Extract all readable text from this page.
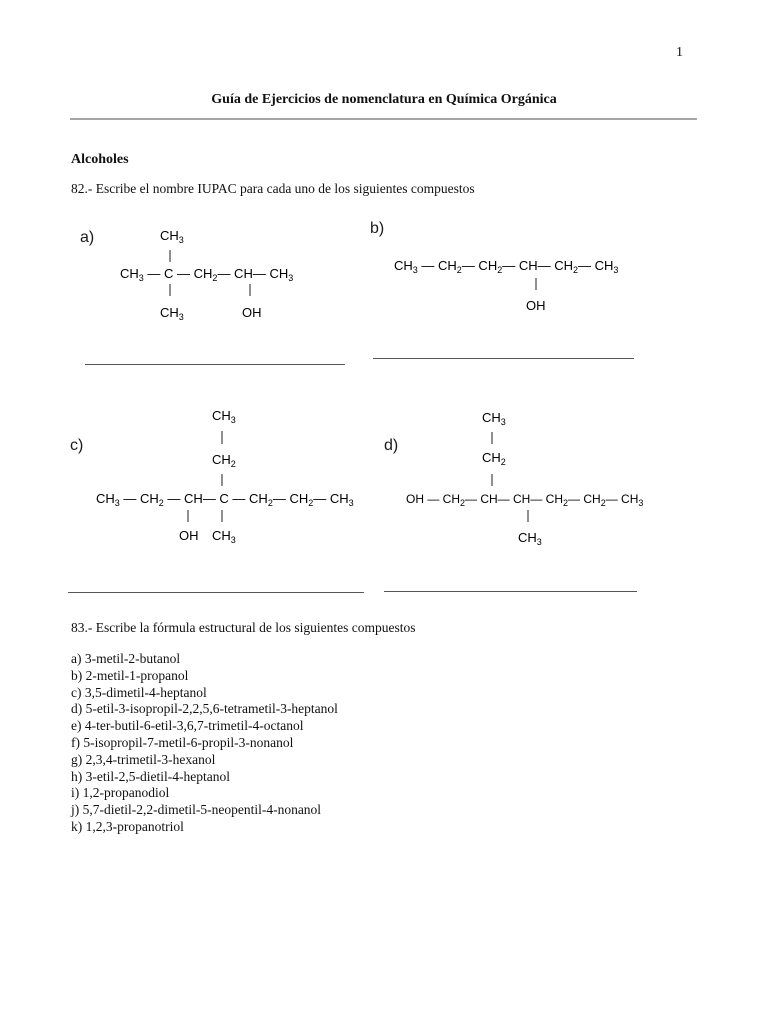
1
Guía de Ejercicios de nomenclatura en Química Orgánica
Alcoholes
82.- Escribe el nombre IUPAC para cada uno de los siguientes compuestos
a)	$CH_3$
$CH_3$ — C — $CH_2—$ CH— $CH_3$
$CH_3$	OH
b)
$CH_3$ — $CH_2—$ $CH_2—$ CH— $CH_2—$ $CH_3$
OH
c)
$CH_3$
$CH_2$
$CH_3$ — $CH_2$ — CH— C — $CH_2—$ $CH_2—$ $CH_3$
OH $CH_3$
d)
$CH_3$
$CH_2$
OH — $CH_2—$ CH— CH— $CH_2—$ $CH_2—$ $CH_3$
$CH_3$
83.- Escribe la fórmula estructural de los siguientes compuestos
a) 3-metil-2-butanol
b) 2-metil-1-propanol
c) 3,5-dimetil-4-heptanol
d) 5-etil-3-isopropil-2,2,5,6-tetrametil-3-heptanol
e) 4-ter-butil-6-etil-3,6,7-trimetil-4-octanol
f) 5-isopropil-7-metil-6-propil-3-nonanol
g) 2,3,4-trimetil-3-hexanol
h) 3-etil-2,5-dietil-4-heptanol
i) 1,2-propanodiol
j) 5,7-dietil-2,2-dimetil-5-neopentil-4-nonanol
k) 1,2,3-propanotriol
